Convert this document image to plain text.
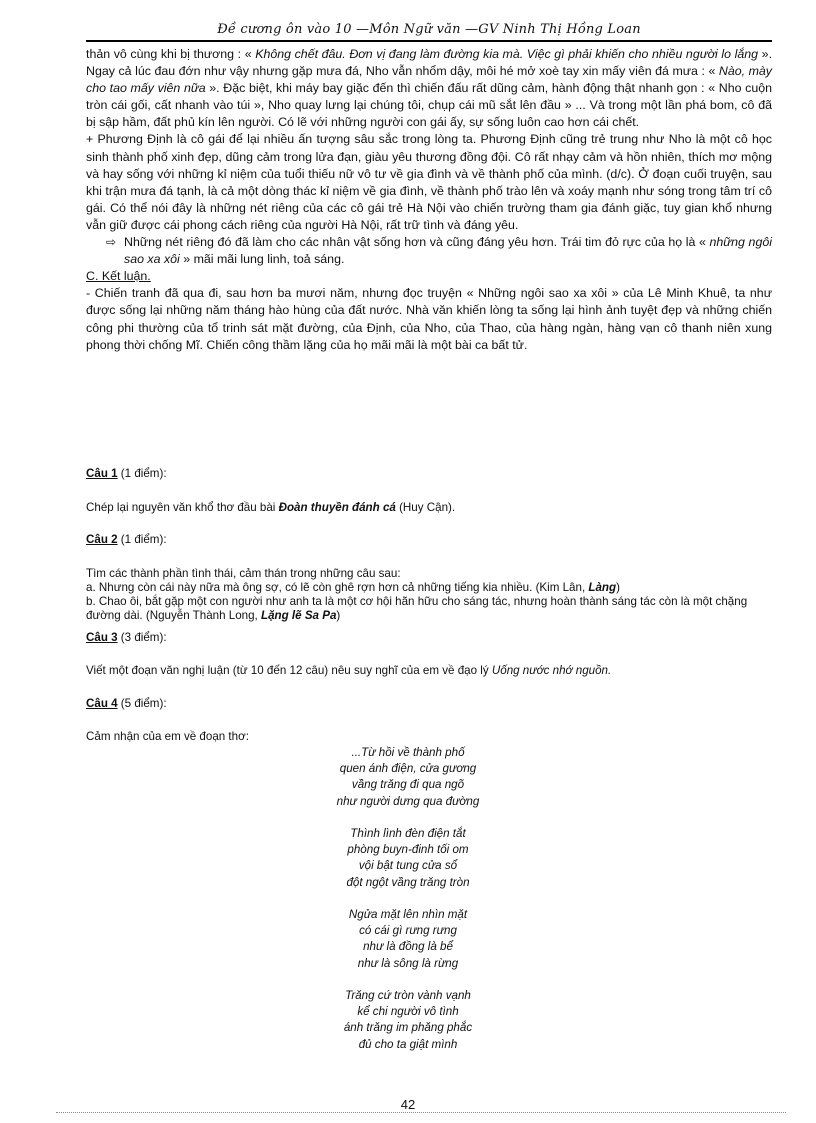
Đề cương ôn vào 10 —Môn Ngữ văn —GV Ninh Thị Hồng Loan

thản vô cùng khi bị thương : « Không chết đâu. Đơn vị đang làm đường kia mà. Việc gì phải khiến cho nhiều người lo lắng ». Ngay cả lúc đau đớn như vậy nhưng gặp mưa đá, Nho vẫn nhổm dậy, môi hé mở xoè tay xin mấy viên đá mưa : « Nào, mày cho tao mấy viên nữa ». Đặc biệt, khi máy bay giặc đến thì chiến đấu rất dũng cảm, hành động thật nhanh gọn : « Nho cuộn tròn cái gối, cất nhanh vào túi », Nho quay lưng lại chúng tôi, chụp cái mũ sắt lên đầu » ... Và trong một lần phá bom, cô đã bị sập hầm, đất phủ kín lên người. Có lẽ với những người con gái ấy, sự sống luôn cao hơn cái chết.

+ Phương Định là cô gái để lại nhiều ấn tượng sâu sắc trong lòng ta. Phương Định cũng trẻ trung như Nho là một cô học sinh thành phố xinh đẹp, dũng cảm trong lửa đạn, giàu yêu thương đồng đội. Cô rất nhạy cảm và hồn nhiên, thích mơ mộng và hay sống với những kỉ niệm của tuổi thiếu nữ vô tư về gia đình và về thành phố của mình. (d/c). Ở đoạn cuối truyện, sau khi trận mưa đá tạnh, là cả một dòng thác kỉ niệm về gia đình, về thành phố trào lên và xoáy mạnh như sóng trong tâm trí cô gái. Có thể nói đây là những nét riêng của các cô gái trẻ Hà Nội vào chiến trường tham gia đánh giặc, tuy gian khổ nhưng vẫn giữ được cái phong cách riêng của người Hà Nội, rất trữ tình và đáng yêu.

⇨ Những nét riêng đó đã làm cho các nhân vật sống hơn và cũng đáng yêu hơn. Trái tim đỏ rực của họ là « những ngôi sao xa xôi » mãi mãi lung linh, toả sáng.

C. Kết luận.

- Chiến tranh đã qua đi, sau hơn ba mươi năm, nhưng đọc truyện « Những ngôi sao xa xôi » của Lê Minh Khuê, ta như được sống lại những năm tháng hào hùng của đất nước. Nhà văn khiến lòng ta sống lại hình ảnh tuyệt đẹp và những chiến công phi thường của tổ trinh sát mặt đường, của Định, của Nho, của Thao, của hàng ngàn, hàng vạn cô thanh niên xung phong thời chống Mĩ. Chiến công thầm lặng của họ mãi mãi là một bài ca bất tử.

Câu 1 (1 điểm):
Chép lại nguyên văn khổ thơ đầu bài Đoàn thuyền đánh cá (Huy Cận).
Câu 2 (1 điểm):
Tìm các thành phần tình thái, cảm thán trong những câu sau:
a. Nhưng còn cái này nữa mà ông sợ, có lẽ còn ghê rợn hơn cả những tiếng kia nhiều. (Kim Lân, Làng)
b. Chao ôi, bắt gặp một con người như anh ta là một cơ hội hãn hữu cho sáng tác, nhưng hoàn thành sáng tác còn là một chặng đường dài. (Nguyễn Thành Long, Lặng lẽ Sa Pa)
Câu 3 (3 điểm):
Viết một đoạn văn nghị luận (từ 10 đến 12 câu) nêu suy nghĩ của em về đạo lý Uống nước nhớ nguồn.
Câu 4 (5 điểm):
Cảm nhận của em về đoạn thơ:
...Từ hồi về thành phố
quen ánh điện, cửa gương
vầng trăng đi qua ngõ
như người dưng qua đường
Thình lình đèn điện tắt
phòng buyn-đinh tối om
vội bật tung cửa sổ
đột ngột vầng trăng tròn
Ngửa mặt lên nhìn mặt
có cái gì rưng rưng
như là đồng là bể
như là sông là rừng
Trăng cứ tròn vành vạnh
kể chi người vô tình
ánh trăng im phăng phắc
đủ cho ta giật mình
42
